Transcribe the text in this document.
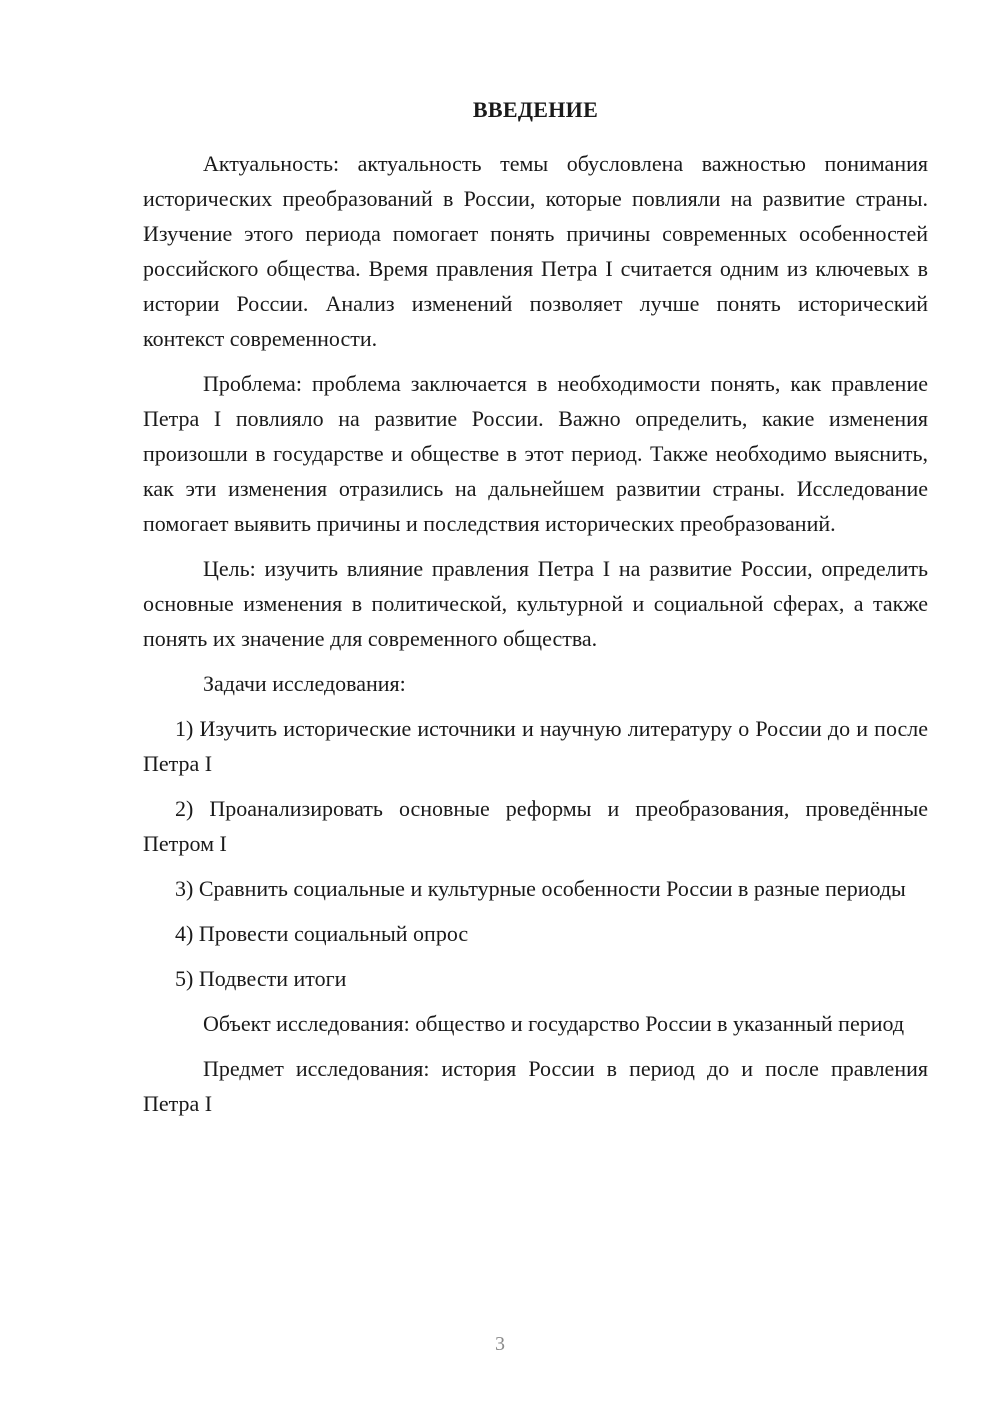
ВВЕДЕНИЕ

Актуальность: актуальность темы обусловлена важностью понимания исторических преобразований в России, которые повлияли на развитие страны. Изучение этого периода помогает понять причины современных особенностей российского общества. Время правления Петра I считается одним из ключевых в истории России. Анализ изменений позволяет лучше понять исторический контекст современности.

Проблема: проблема заключается в необходимости понять, как правление Петра I повлияло на развитие России. Важно определить, какие изменения произошли в государстве и обществе в этот период. Также необходимо выяснить, как эти изменения отразились на дальнейшем развитии страны. Исследование помогает выявить причины и последствия исторических преобразований.

Цель: изучить влияние правления Петра I на развитие России, определить основные изменения в политической, культурной и социальной сферах, а также понять их значение для современного общества.

Задачи исследования:

1) Изучить исторические источники и научную литературу о России до и после Петра I

2) Проанализировать основные реформы и преобразования, проведённые Петром I

3) Сравнить социальные и культурные особенности России в разные периоды

4) Провести социальный опрос

5) Подвести итоги

Объект исследования: общество и государство России в указанный период

Предмет исследования: история России в период до и после правления Петра I

3
